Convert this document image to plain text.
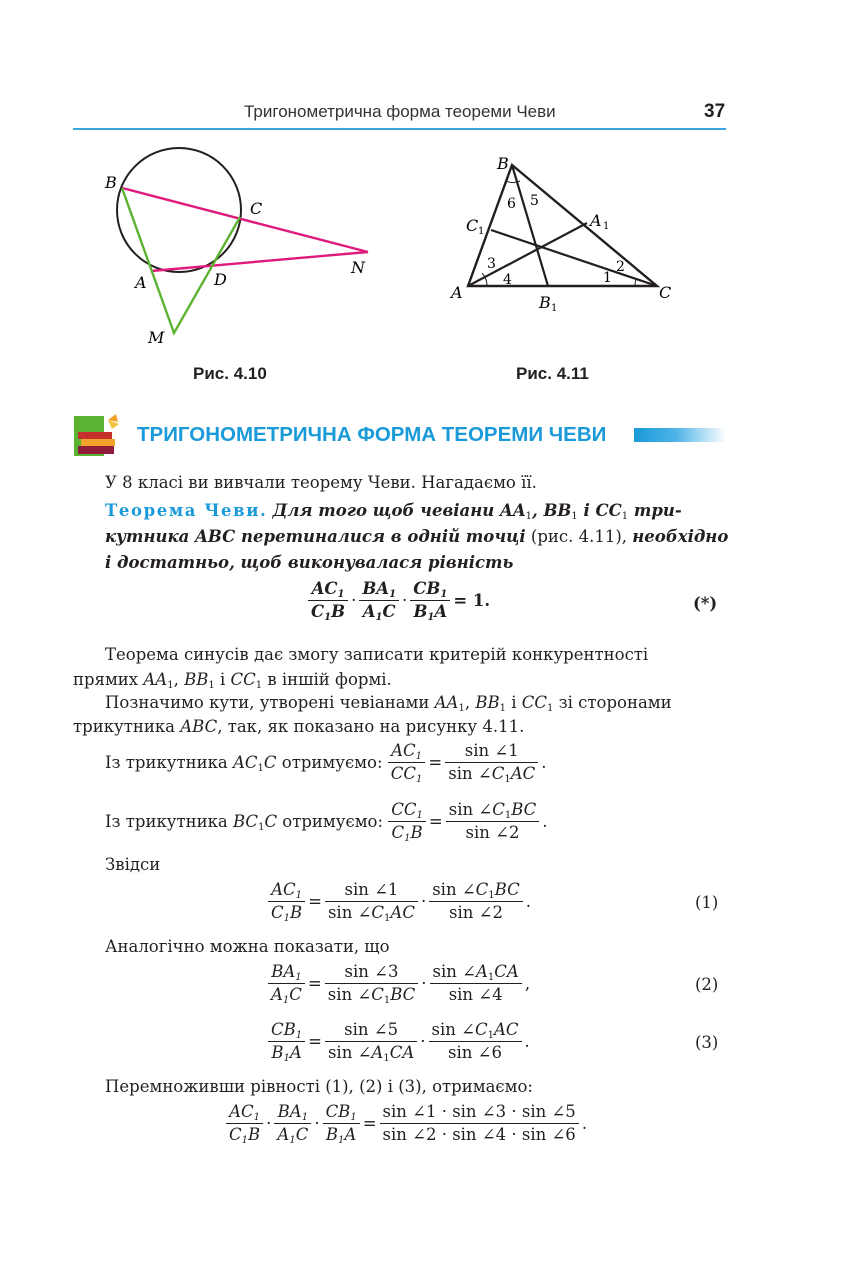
Тригонометрична форма теореми Чеви	37
B
C
A	D
N
M
Рис. 4.10
B
C	A
A	C
B
1	1
1
1
2
3
4
5
6
Рис. 4.11
ТРИГОНОМЕТРИЧНА ФОРМА ТЕОРЕМИ ЧЕВИ
У 8 класі ви вивчали теорему Чеви. Нагадаємо її.
Теорема Чеви. Для того щоб чевіани $AA_1$, $BB_1$ і $CC_1$ три-
кутника ABC перетиналися в одній точці (рис. 4.11), необхідно
і достатньо, щоб виконувалася рівність
$\frac{AC_1}{C_1B} \cdot \frac{BA_1}{A_1C} \cdot \frac{CB_1}{B_1A} = 1$.	(*)
Теорема синусів дає змогу записати критерій конкурентності
прямих $AA_1$, $BB_1$ і $CC_1$ в іншій формі.
Позначимо кути, утворені чевіанами $AA_1$, $BB_1$ і $CC_1$ зі сторонами
трикутника ABC, так, як показано на рисунку 4.11.
Із трикутника $AC_1C$ отримуємо: $\frac{AC_1}{CC_1} = \frac{\sin \angle 1}{\sin \angle C_1AC}$ .
Із трикутника $BC_1C$ отримуємо: $\frac{CC_1}{C_1B} = \frac{\sin \angle C_1BC}{\sin \angle 2}$ .
Звідси
$\frac{AC_1}{C_1B} = \frac{\sin \angle 1}{\sin \angle C_1AC} \cdot \frac{\sin \angle C_1BC}{\sin \angle 2}$ .	(1)
Аналогічно можна показати, що
$\frac{BA_1}{A_1C} = \frac{\sin \angle 3}{\sin \angle C_1BC} \cdot \frac{\sin \angle A_1CA}{\sin \angle 4}$ ,	(2)
$\frac{CB_1}{B_1A} = \frac{\sin \angle 5}{\sin \angle A_1CA} \cdot \frac{\sin \angle C_1AC}{\sin \angle 6}$ .	(3)
Перемноживши рівності (1), (2) і (3), отримаємо:
$\frac{AC_1}{C_1B} \cdot \frac{BA_1}{A_1C} \cdot \frac{CB_1}{B_1A} = \frac{\sin \angle 1 \cdot \sin \angle 3 \cdot \sin \angle 5}{\sin \angle 2 \cdot \sin \angle 4 \cdot \sin \angle 6}$ .
